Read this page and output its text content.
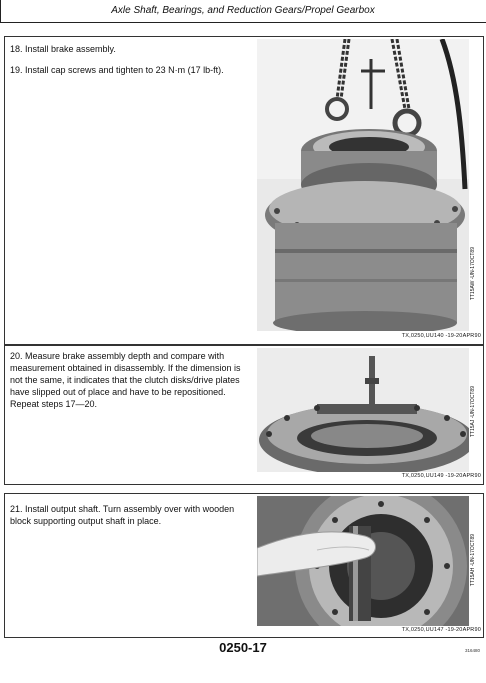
Axle Shaft, Bearings, and Reduction Gears/Propel Gearbox

18. Install brake assembly.

19. Install cap screws and tighten to 23 N·m (17 lb-ft).

TT15AW -UN-17OCT89
TX,0250,UU140 -19-20APR90

20. Measure brake assembly depth and compare with measurement obtained in disassembly. If the dimension is not the same, it indicates that the clutch disks/drive plates have slipped out of place and have to be repositioned. Repeat steps 17—20.	TT15AJ -UN-17OCT89
TX,0250,UU149 -19-20APR90

21. Install output shaft. Turn assembly over with wooden block supporting output shaft in place.

TT15AH -UN-17OCT89
TX,0250,UU147 -19-20APR90
0250-17	316480
